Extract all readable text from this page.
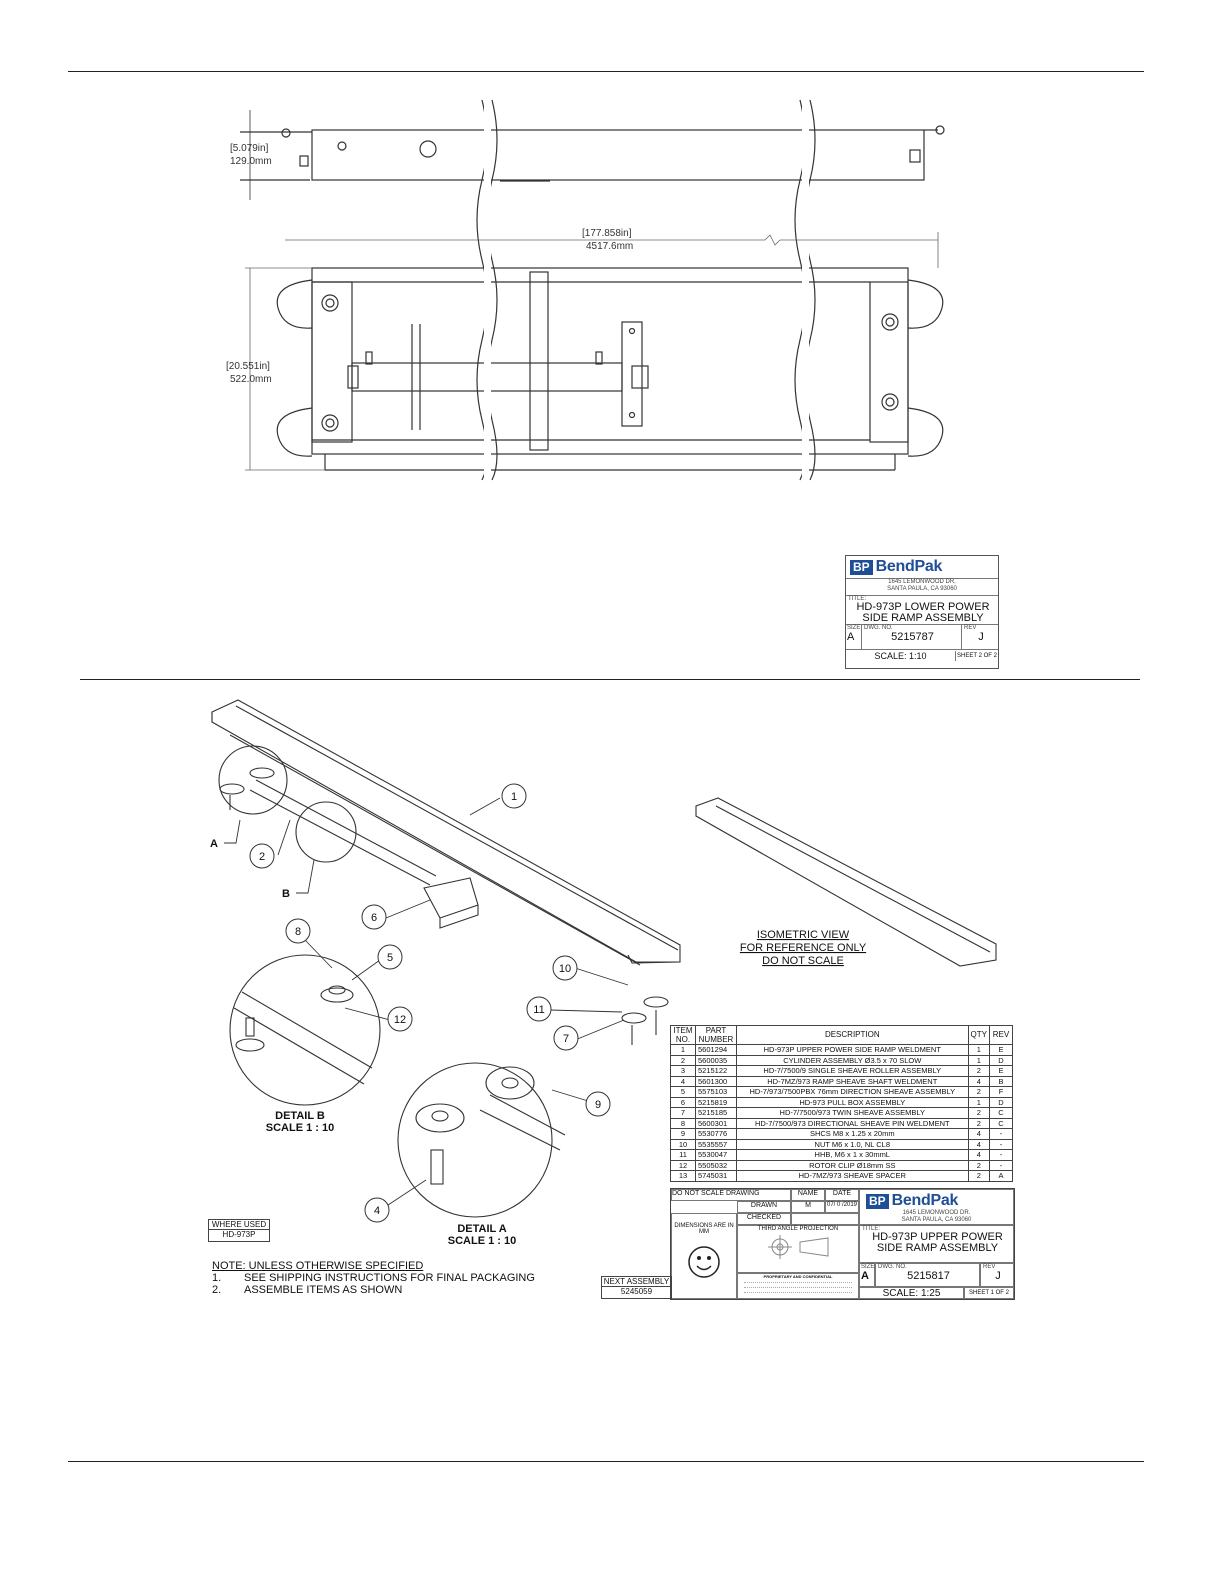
[5.079in]
129.0mm
[177.858in]
4517.6mm
[20.551in]
522.0mm
BP BendPak
1645 LEMONWOOD DR.
SANTA PAULA, CA 93060
TITLE:
HD-973P LOWER POWER
SIDE RAMP ASSEMBLY
SIZE
A
DWG. NO.
5215787
REV
J
SCALE: 1:10	SHEET 2 OF 2
1
2
6
8
5
12
10
11
7
9
4
A
B
ISOMETRIC VIEW
FOR REFERENCE ONLY
DO NOT SCALE
DETAIL B
SCALE 1 : 10
DETAIL A
SCALE 1 : 10
ITEM NO.	PART NUMBER	DESCRIPTION	QTY	REV
1	5601294	HD-973P UPPER POWER SIDE RAMP WELDMENT	1	E
2	5600035	CYLINDER ASSEMBLY Ø3.5 x 70 SLOW	1	D
3	5215122	HD-7/7500/9 SINGLE SHEAVE ROLLER ASSEMBLY	2	E
4	5601300	HD-7MZ/973 RAMP SHEAVE SHAFT WELDMENT	4	B
5	5575103	HD-7/973/7500PBX 76mm DIRECTION SHEAVE ASSEMBLY	2	F
6	5215819	HD-973 PULL BOX ASSEMBLY	1	D
7	5215185	HD-7/7500/973 TWIN SHEAVE ASSEMBLY	2	C
8	5600301	HD-7/7500/973 DIRECTIONAL SHEAVE PIN WELDMENT	2	C
9	5530776	SHCS M8 x 1.25 x 20mm	4	-
10	5535557	NUT M6 x 1.0, NL CL8	4	-
11	5530047	HHB, M6 x 1 x 30mmL	4	-
12	5505032	ROTOR CLIP Ø18mm SS	2	-
13	5745031	HD-7MZ/973 SHEAVE SPACER	2	A
DO NOT SCALE DRAWING	NAME	DATE
DRAWN	M	07/ 0 /2019
CHECKED
DIMENSIONS ARE IN MM	THIRD ANGLE PROJECTION
PROPRIETARY AND CONFIDENTIAL
BP BendPak
1645 LEMONWOOD DR.
SANTA PAULA, CA 93060
TITLE:
HD-973P UPPER POWER
SIDE RAMP ASSEMBLY
SIZE
A
DWG. NO.
5215817
REV
J
SCALE: 1:25	SHEET 1 OF 2
WHERE USED
HD-973P
NEXT ASSEMBLY
5245059
NOTE: UNLESS OTHERWISE SPECIFIED
1.	SEE SHIPPING INSTRUCTIONS FOR FINAL PACKAGING
2.	ASSEMBLE ITEMS AS SHOWN
